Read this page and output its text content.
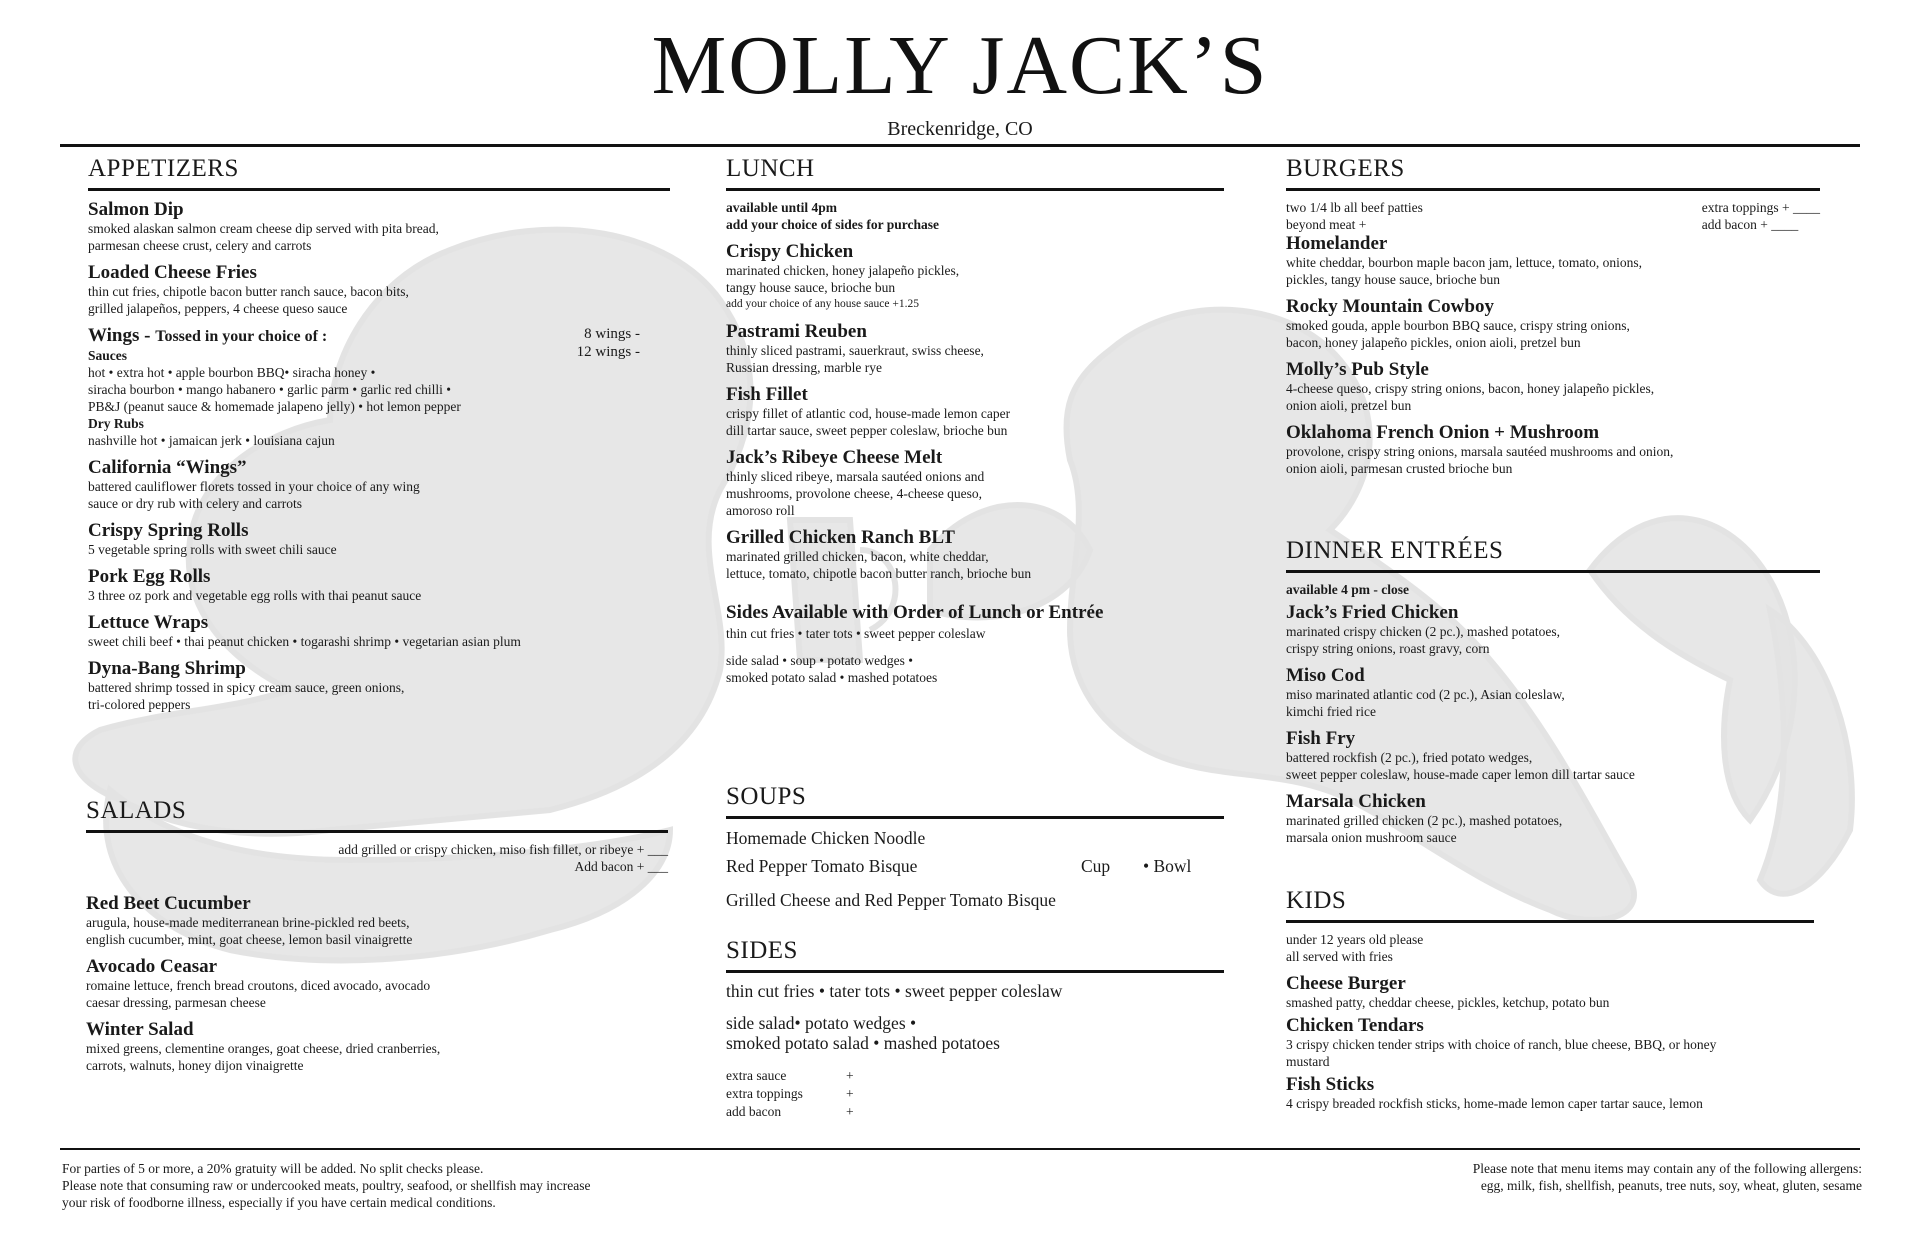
MOLLY JACK’S
Breckenridge, CO
APPETIZERS
Salmon Dip
smoked alaskan salmon cream cheese dip served with pita bread,
parmesan cheese crust, celery and carrots
Loaded Cheese Fries
thin cut fries, chipotle bacon butter ranch sauce, bacon bits,
grilled jalapeños, peppers, 4 cheese queso sauce
Wings - Tossed in your choice of :
Sauces
8 wings -
12 wings -
hot • extra hot • apple bourbon BBQ• siracha honey •
siracha bourbon • mango habanero • garlic parm • garlic red chilli •
PB&J (peanut sauce & homemade jalapeno jelly) • hot lemon pepper
Dry Rubs
nashville hot • jamaican jerk • louisiana cajun
California “Wings”
battered cauliflower florets tossed in your choice of any wing
sauce or dry rub with celery and carrots
Crispy Spring Rolls
5 vegetable spring rolls with sweet chili sauce
Pork Egg Rolls
3 three oz pork and vegetable egg rolls with thai peanut sauce
Lettuce Wraps
sweet chili beef • thai peanut chicken • togarashi shrimp • vegetarian asian plum
Dyna-Bang Shrimp
battered shrimp tossed in spicy cream sauce, green onions,
tri-colored peppers
SALADS
add grilled or crispy chicken, miso fish fillet, or ribeye + ___
Add bacon + ___
Red Beet Cucumber
arugula, house-made mediterranean brine-pickled red beets,
english cucumber, mint, goat cheese, lemon basil vinaigrette
Avocado Ceasar
romaine lettuce, french bread croutons, diced avocado, avocado
caesar dressing, parmesan cheese
Winter Salad
mixed greens, clementine oranges, goat cheese, dried cranberries,
carrots, walnuts, honey dijon vinaigrette
LUNCH
available until 4pm
add your choice of sides for purchase
Crispy Chicken
marinated chicken, honey jalapeño pickles,
tangy house sauce, brioche bun
add your choice of any house sauce +1.25
Pastrami Reuben
thinly sliced pastrami, sauerkraut, swiss cheese,
Russian dressing, marble rye
Fish Fillet
crispy fillet of atlantic cod, house-made lemon caper
dill tartar sauce, sweet pepper coleslaw, brioche bun
Jack’s Ribeye Cheese Melt
thinly sliced ribeye, marsala sautéed onions and
mushrooms, provolone cheese, 4-cheese queso,
amoroso roll
Grilled Chicken Ranch BLT
marinated grilled chicken, bacon, white cheddar,
lettuce, tomato, chipotle bacon butter ranch, brioche bun
Sides Available with Order of Lunch or Entrée
thin cut fries • tater tots • sweet pepper coleslaw
side salad • soup • potato wedges •
smoked potato salad • mashed potatoes
SOUPS
Homemade Chicken Noodle
Red Pepper Tomato Bisque	Cup	• Bowl
Grilled Cheese and Red Pepper Tomato Bisque
SIDES
thin cut fries • tater tots • sweet pepper coleslaw
side salad• potato wedges •
smoked potato salad • mashed potatoes
extra sauce	+
extra toppings	+
add bacon	+
BURGERS
two 1/4 lb all beef patties
beyond meat +
extra toppings + ____
add bacon + ____
Homelander
white cheddar, bourbon maple bacon jam, lettuce, tomato, onions,
pickles, tangy house sauce, brioche bun
Rocky Mountain Cowboy
smoked gouda, apple bourbon BBQ sauce, crispy string onions,
bacon, honey jalapeño pickles, onion aioli, pretzel bun
Molly’s Pub Style
4-cheese queso, crispy string onions, bacon, honey jalapeño pickles,
onion aioli, pretzel bun
Oklahoma French Onion + Mushroom
provolone, crispy string onions, marsala sautéed mushrooms and onion,
onion aioli, parmesan crusted brioche bun
DINNER ENTRÉES
available 4 pm - close
Jack’s Fried Chicken
marinated crispy chicken (2 pc.), mashed potatoes,
crispy string onions, roast gravy, corn
Miso Cod
miso marinated atlantic cod (2 pc.), Asian coleslaw,
kimchi fried rice
Fish Fry
battered rockfish (2 pc.), fried potato wedges,
sweet pepper coleslaw, house-made caper lemon dill tartar sauce
Marsala Chicken
marinated grilled chicken (2 pc.), mashed potatoes,
marsala onion mushroom sauce
KIDS
under 12 years old please
all served with fries
Cheese Burger
smashed patty, cheddar cheese, pickles, ketchup, potato bun
Chicken Tendars
3 crispy chicken tender strips with choice of ranch, blue cheese, BBQ, or honey
mustard
Fish Sticks
4 crispy breaded rockfish sticks, home-made lemon caper tartar sauce, lemon
For parties of 5 or more, a 20% gratuity will be added. No split checks please.
Please note that consuming raw or undercooked meats, poultry, seafood, or shellfish may increase
your risk of foodborne illness, especially if you have certain medical conditions.
Please note that menu items may contain any of the following allergens:
egg, milk, fish, shellfish, peanuts, tree nuts, soy, wheat, gluten, sesame
